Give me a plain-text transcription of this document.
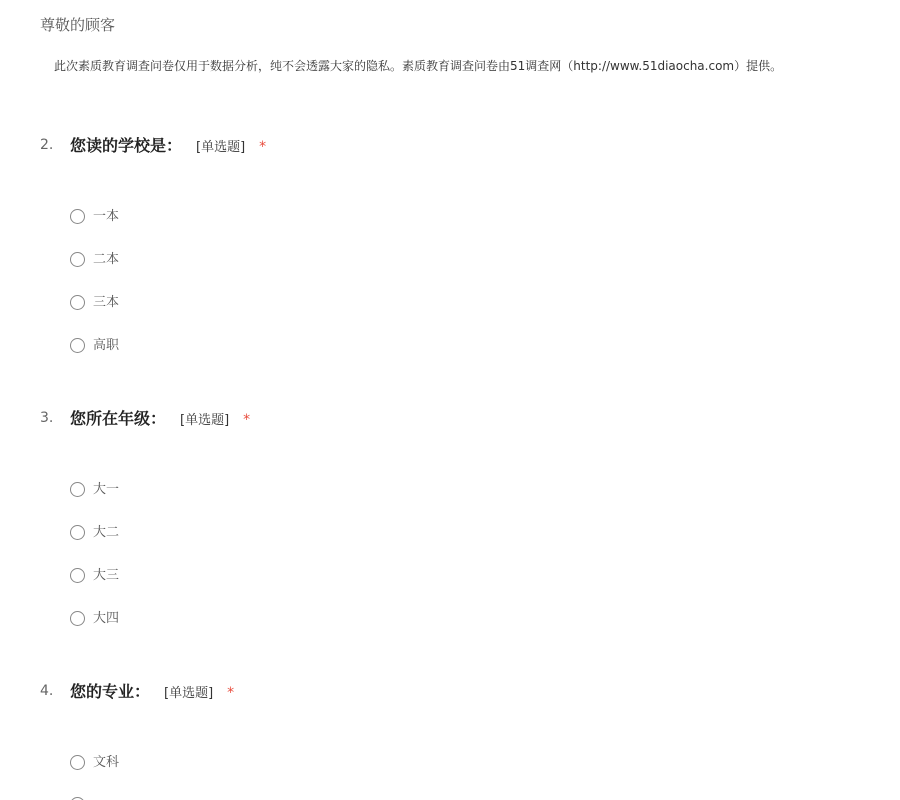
尊敬的顾客
此次素质教育调查问卷仅用于数据分析，纯不会透露大家的隐私。素质教育调查问卷由51调查网（http://www.51diaocha.com）提供。
2. 您读的学校是： [单选题] *
一本
二本
三本
高职
3. 您所在年级： [单选题] *
大一
大二
大三
大四
4. 您的专业： [单选题] *
文科
